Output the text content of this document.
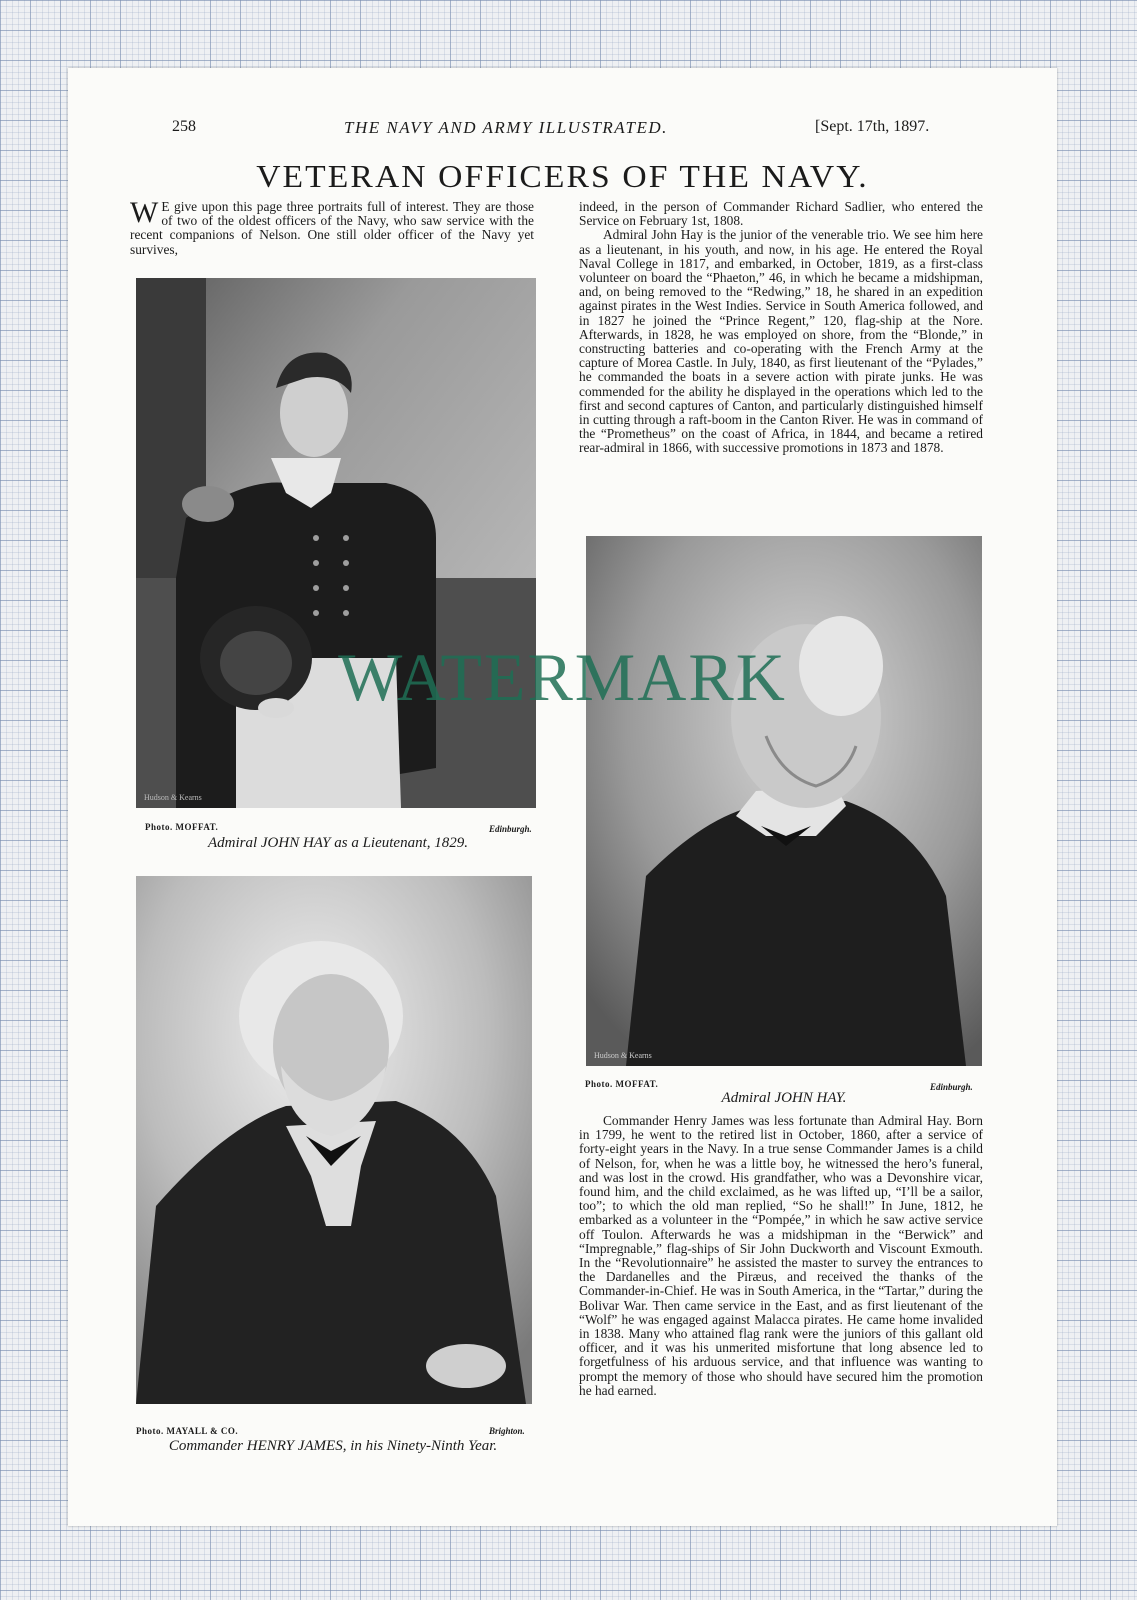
258	THE NAVY AND ARMY ILLUSTRATED.	[Sept. 17th, 1897.
VETERAN OFFICERS OF THE NAVY.
W E give upon this page three portraits full of interest. They are those of two of the oldest officers of the Navy, who saw service with the recent companions of Nelson. One still older officer of the Navy yet survives,

indeed, in the person of Commander Richard Sadlier, who entered the Service on February 1st, 1808.

Admiral John Hay is the junior of the venerable trio. We see him here as a lieutenant, in his youth, and now, in his age. He entered the Royal Naval College in 1817, and embarked, in October, 1819, as a first-class volunteer on board the “Phaeton,” 46, in which he became a midshipman, and, on being removed to the “Redwing,” 18, he shared in an expedition against pirates in the West Indies. Service in South America followed, and in 1827 he joined the “Prince Regent,” 120, flag-ship at the Nore. Afterwards, in 1828, he was employed on shore, from the “Blonde,” in constructing batteries and co-operating with the French Army at the capture of Morea Castle. In July, 1840, as first lieutenant of the “Pylades,” he commanded the boats in a severe action with pirate junks. He was commended for the ability he displayed in the operations which led to the first and second captures of Canton, and particularly distinguished himself in cutting through a raft-boom in the Canton River. He was in command of the “Prometheus” on the coast of Africa, in 1844, and became a retired rear-admiral in 1866, with successive promotions in 1873 and 1878.

Hudson & Kearns
Photo. MOFFAT.	Edinburgh.
Admiral JOHN HAY as a Lieutenant, 1829.
Hudson & Kearns
Photo. MOFFAT.	Edinburgh.
Admiral JOHN HAY.

Commander Henry James was less fortunate than Admiral Hay. Born in 1799, he went to the retired list in October, 1860, after a service of forty-eight years in the Navy. In a true sense Commander James is a child of Nelson, for, when he was a little boy, he witnessed the hero’s funeral, and was lost in the crowd. His grandfather, who was a Devonshire vicar, found him, and the child exclaimed, as he was lifted up, “I’ll be a sailor, too”; to which the old man replied, “So he shall!” In June, 1812, he embarked as a volunteer in the “Pompée,” in which he saw active service off Toulon. Afterwards he was a midshipman in the “Berwick” and “Impregnable,” flag-ships of Sir John Duckworth and Viscount Exmouth. In the “Revolutionnaire” he assisted the master to survey the entrances to the Dardanelles and the Piræus, and received the thanks of the Commander-in-Chief. He was in South America, in the “Tartar,” during the Bolivar War. Then came service in the East, and as first lieutenant of the “Wolf” he was engaged against Malacca pirates. He came home invalided in 1838. Many who attained flag rank were the juniors of this gallant old officer, and it was his unmerited misfortune that long absence led to forgetfulness of his arduous service, and that influence was wanting to prompt the memory of those who should have secured him the promotion he had earned.

Photo. MAYALL & CO.	Brighton.
Commander HENRY JAMES, in his Ninety-Ninth Year.
WATERMARK
